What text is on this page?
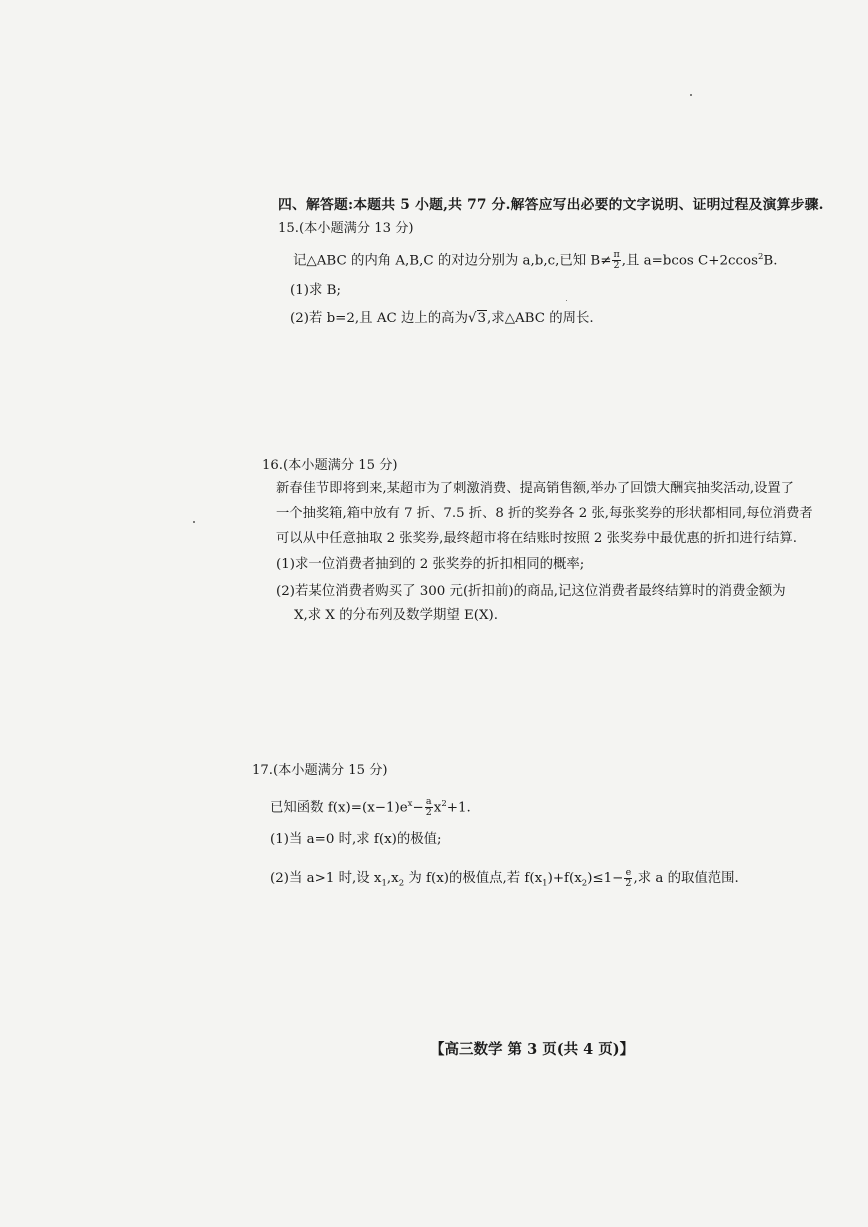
四、解答题:本题共 5 小题,共 77 分.解答应写出必要的文字说明、证明过程及演算步骤.
15.(本小题满分 13 分)
记△ABC 的内角 A,B,C 的对边分别为 a,b,c,已知 $B\ne \frac{\pi}{2}$ ,且 a=bcos C+2ccos$^2$B.
(1)求 B;
(2)若 b=2,且 AC 边上的高为√3,求△ABC 的周长.
16.(本小题满分 15 分)
新春佳节即将到来,某超市为了刺激消费、提高销售额,举办了回馈大酬宾抽奖活动,设置了
一个抽奖箱,箱中放有 7 折、7.5 折、8 折的奖券各 2 张,每张奖券的形状都相同,每位消费者
可以从中任意抽取 2 张奖券,最终超市将在结账时按照 2 张奖券中最优惠的折扣进行结算.
(1)求一位消费者抽到的 2 张奖券的折扣相同的概率;
(2)若某位消费者购买了 300 元(折扣前)的商品,记这位消费者最终结算时的消费金额为
X,求 X 的分布列及数学期望 E(X).
17.(本小题满分 15 分)
已知函数 $f(x)=(x-1)e^x- \frac{a}{2} x^2+1$.
(1)当 a=0 时,求 f(x)的极值;
(2)当 a>1 时,设 $x_1,x_2$ 为 f(x)的极值点,若 $f(x_1)+f(x_2)\le 1- \frac{e}{2}$ ,求 a 的取值范围.
【高三数学 第 3 页(共 4 页)】
